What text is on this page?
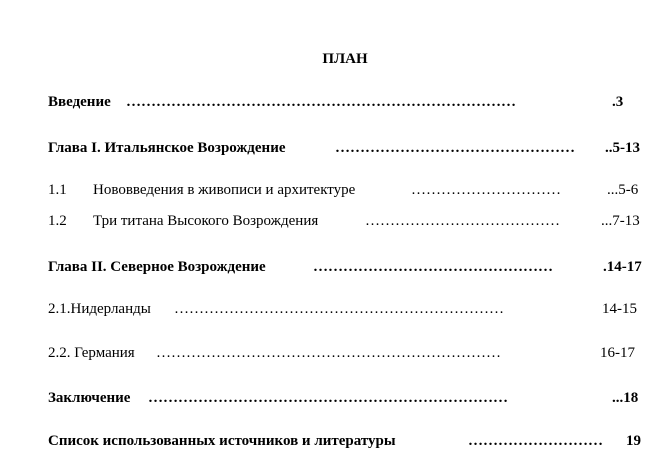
ПЛАН
Введение	……………………………………………………………………	.3
Глава I. Итальянское Возрождение	…………………………………………	..5-13
1.1	Нововведения в живописи и архитектуре	…………………………	...5-6
1.2	Три титана Высокого Возрождения	…………………………………	...7-13
Глава II. Северное Возрождение	…………………………………………	.14-17
2.1.Нидерланды	…………………………………………………………	14-15
2.2. Германия	……………………………………………………………	16-17
Заключение	………………………………………………………………	...18
Список использованных источников и литературы	………………………	19
